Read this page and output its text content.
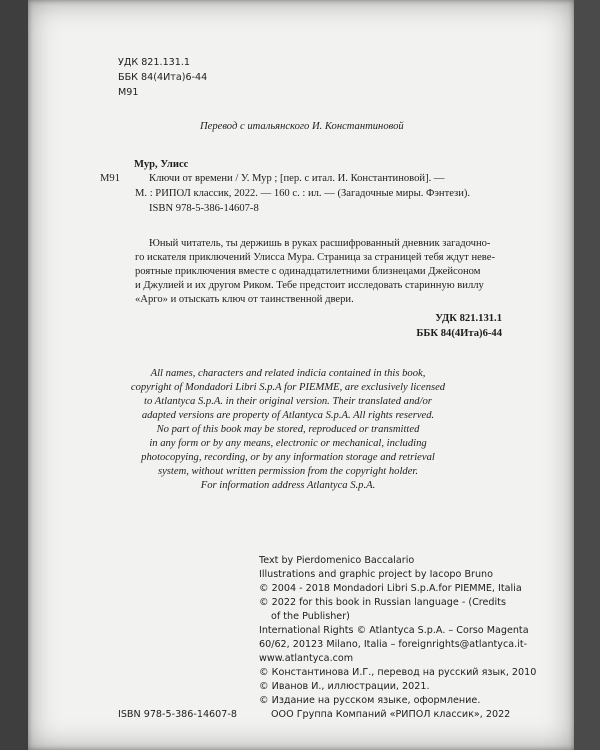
УДК 821.131.1
ББК 84(4Ита)6-44
М91
Перевод с итальянского И. Константиновой
Мур, Улисс
М91	Ключи от времени / У. Мур ; [пер. с итал. И. Константиновой]. —
М. : РИПОЛ классик, 2022. — 160 с. : ил. — (Загадочные миры. Фэнтези).
ISBN 978-5-386-14607-8
Юный читатель, ты держишь в руках расшифрованный дневник загадочно-
го искателя приключений Улисса Мура. Страница за страницей тебя ждут неве-
роятные приключения вместе с одинадцатилетними близнецами Джейсоном
и Джулией и их другом Риком. Тебе предстоит исследовать старинную виллу
«Арго» и отыскать ключ от таинственной двери.
УДК 821.131.1
ББК 84(4Ита)6-44
All names, characters and related indicia contained in this book,
copyright of Mondadori Libri S.p.A for PIEMME, are exclusively licensed
to Atlantyca S.p.A. in their original version. Their translated and/or
adapted versions are property of Atlantyca S.p.A. All rights reserved.
No part of this book may be stored, reproduced or transmitted
in any form or by any means, electronic or mechanical, including
photocopying, recording, or by any information storage and retrieval
system, without written permission from the copyright holder.
For information address Atlantyca S.p.A.
Text by Pierdomenico Baccalario
Illustrations and graphic project by Iacopo Bruno
© 2004 - 2018 Mondadori Libri S.p.A.for PIEMME, Italia
© 2022 for this book in Russian language - (Credits
of the Publisher)
International Rights © Atlantyca S.p.A. – Corso Magenta
60/62, 20123 Milano, Italia – foreignrights@atlantyca.it-
www.atlantyca.com
© Константинова И.Г., перевод на русский язык, 2010
© Иванов И., иллюстрации, 2021.
© Издание на русском языке, оформление.
ООО Группа Компаний «РИПОЛ классик», 2022
ISBN 978-5-386-14607-8
